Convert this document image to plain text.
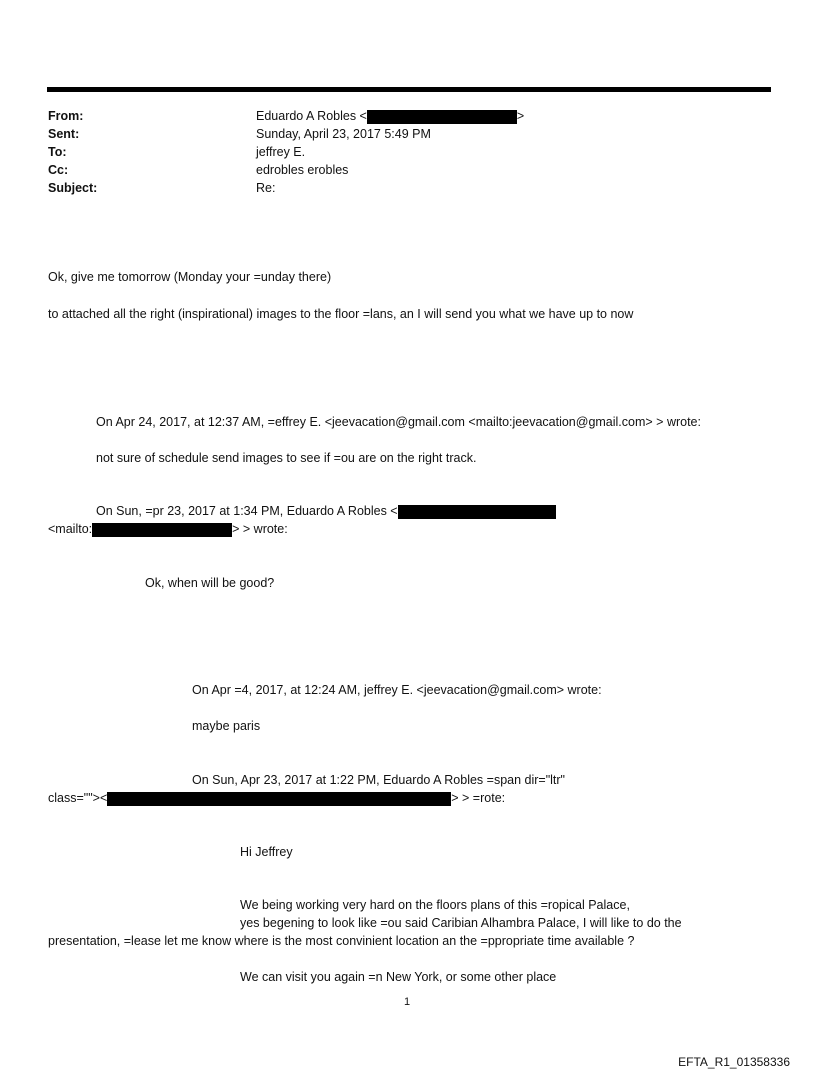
From:	Eduardo A Robles <	>
Sent:	Sunday, April 23, 2017 5:49 PM
To:	jeffrey E.
Cc:	edrobles erobles
Subject:	Re:
Ok, give me tomorrow (Monday your =unday there)
to attached all the right (inspirational) images to the floor =lans, an I will send you what we have up to now
On Apr 24, 2017, at 12:37 AM, =effrey E. <jeevacation@gmail.com <mailto:jeevacation@gmail.com> > wrote:
not sure of schedule send images to see if =ou are on the right track.
On Sun, =pr 23, 2017 at 1:34 PM, Eduardo A Robles <
<mailto:	> > wrote:
Ok, when will be good?
On Apr =4, 2017, at 12:24 AM, jeffrey E. <jeevacation@gmail.com> wrote:
maybe paris
On Sun, Apr 23, 2017 at 1:22 PM, Eduardo A Robles =span dir="ltr"
class=""><	> > =rote:
Hi Jeffrey
We being working very hard on the floors plans of this =ropical Palace,
yes begening to look like =ou said Caribian Alhambra Palace, I will like to do the
presentation, =lease let me know where is the most convinient location an the =ppropriate time available ?
We can visit you again =n New York, or some other place
1
EFTA_R1_01358336
